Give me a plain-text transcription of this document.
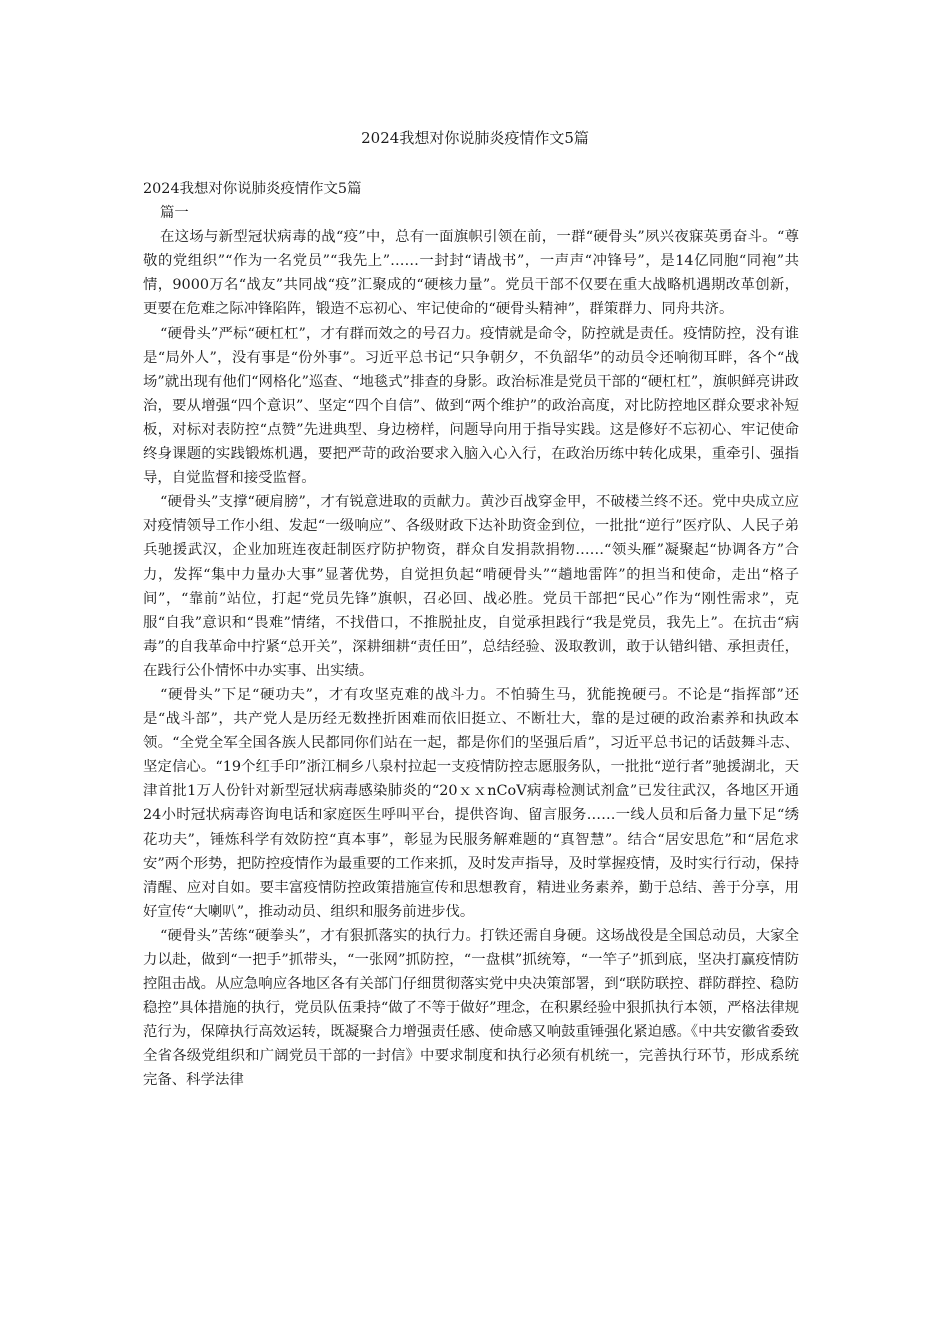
2024我想对你说肺炎疫情作文5篇

2024我想对你说肺炎疫情作文5篇

篇一

在这场与新型冠状病毒的战“疫”中，总有一面旗帜引领在前，一群“硬骨头”夙兴夜寐英勇奋斗。“尊敬的党组织”“作为一名党员”“我先上”……一封封“请战书”，一声声“冲锋号”，是14亿同胞“同袍”共情，9000万名“战友”共同战“疫”汇聚成的“硬核力量”。党员干部不仅要在重大战略机遇期改革创新，更要在危难之际冲锋陷阵，锻造不忘初心、牢记使命的“硬骨头精神”，群策群力、同舟共济。

“硬骨头”严标“硬杠杠”，才有群而效之的号召力。疫情就是命令，防控就是责任。疫情防控，没有谁是“局外人”，没有事是“份外事”。习近平总书记“只争朝夕，不负韶华”的动员令还响彻耳畔，各个“战场”就出现有他们“网格化”巡查、“地毯式”排查的身影。政治标准是党员干部的“硬杠杠”，旗帜鲜亮讲政治，要从增强“四个意识”、坚定“四个自信”、做到“两个维护”的政治高度，对比防控地区群众要求补短板，对标对表防控“点赞”先进典型、身边榜样，问题导向用于指导实践。这是修好不忘初心、牢记使命终身课题的实践锻炼机遇，要把严苛的政治要求入脑入心入行，在政治历练中转化成果，重牵引、强指导，自觉监督和接受监督。

“硬骨头”支撑“硬肩膀”，才有锐意进取的贡献力。黄沙百战穿金甲，不破楼兰终不还。党中央成立应对疫情领导工作小组、发起“一级响应”、各级财政下达补助资金到位，一批批“逆行”医疗队、人民子弟兵驰援武汉，企业加班连夜赶制医疗防护物资，群众自发捐款捐物……“领头雁”凝聚起“协调各方”合力，发挥“集中力量办大事”显著优势，自觉担负起“啃硬骨头”“趟地雷阵”的担当和使命，走出“格子间”，“靠前”站位，打起“党员先锋”旗帜，召必回、战必胜。党员干部把“民心”作为“刚性需求”，克服“自我”意识和“畏难”情绪，不找借口，不推脱扯皮，自觉承担践行“我是党员，我先上”。在抗击“病毒”的自我革命中拧紧“总开关”，深耕细耕“责任田”，总结经验、汲取教训，敢于认错纠错、承担责任，在践行公仆情怀中办实事、出实绩。

“硬骨头”下足“硬功夫”，才有攻坚克难的战斗力。不怕骑生马，犹能挽硬弓。不论是“指挥部”还是“战斗部”，共产党人是历经无数挫折困难而依旧挺立、不断壮大，靠的是过硬的政治素养和执政本领。“全党全军全国各族人民都同你们站在一起，都是你们的坚强后盾”，习近平总书记的话鼓舞斗志、坚定信心。“19个红手印”浙江桐乡八泉村拉起一支疫情防控志愿服务队，一批批“逆行者”驰援湖北，天津首批1万人份针对新型冠状病毒感染肺炎的“20ｘｘnCoV病毒检测试剂盒”已发往武汉，各地区开通24小时冠状病毒咨询电话和家庭医生呼叫平台，提供咨询、留言服务……一线人员和后备力量下足“绣花功夫”，锤炼科学有效防控“真本事”，彰显为民服务解难题的“真智慧”。结合“居安思危”和“居危求安”两个形势，把防控疫情作为最重要的工作来抓，及时发声指导，及时掌握疫情，及时实行行动，保持清醒、应对自如。要丰富疫情防控政策措施宣传和思想教育，精进业务素养，勤于总结、善于分享，用好宣传“大喇叭”，推动动员、组织和服务前进步伐。

“硬骨头”苦练“硬拳头”，才有狠抓落实的执行力。打铁还需自身硬。这场战役是全国总动员，大家全力以赴，做到“一把手”抓带头，“一张网”抓防控，“一盘棋”抓统筹，“一竿子”抓到底，坚决打赢疫情防控阻击战。从应急响应各地区各有关部门仔细贯彻落实党中央决策部署，到“联防联控、群防群控、稳防稳控”具体措施的执行，党员队伍秉持“做了不等于做好”理念，在积累经验中狠抓执行本领，严格法律规范行为，保障执行高效运转，既凝聚合力增强责任感、使命感又响鼓重锤强化紧迫感。《中共安徽省委致全省各级党组织和广阔党员干部的一封信》中要求制度和执行必须有机统一，完善执行环节，形成系统完备、科学法律
